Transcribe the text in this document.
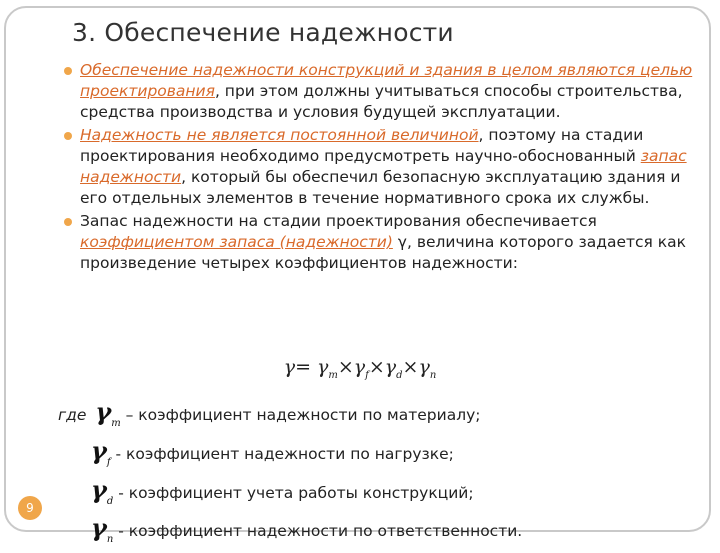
3. Обеспечение надежности
Обеспечение надежности конструкций и здания в целом являются целью проектирования, при этом должны учитываться способы строительства, средства производства и условия будущей эксплуатации.
Надежность не является постоянной величиной, поэтому на стадии проектирования необходимо предусмотреть научно-обоснованный запас надежности, который бы обеспечил безопасную эксплуатацию здания и его отдельных элементов в течение нормативного срока их службы.
Запас надежности на стадии проектирования обеспечивается коэффициентом запаса (надежности) γ, величина которого задается как произведение четырех коэффициентов надежности:
$\gamma= \gamma_m\times\gamma_f\times\gamma_d\times\gamma_n$
где $\gamma_m$ – коэффициент надежности по материалу;
$\gamma_f$ - коэффициент надежности по нагрузке;
$\gamma_d$ - коэффициент учета работы конструкций;
$\gamma_n$ - коэффициент надежности по ответственности.
9
